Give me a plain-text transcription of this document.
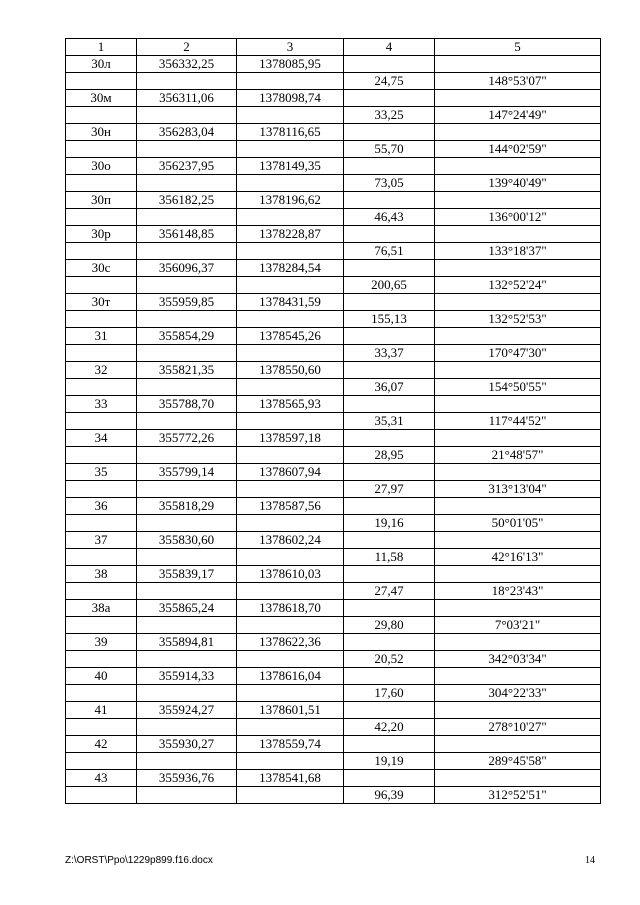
1	2	3	4	5
30л	356332,25	1378085,95		
			24,75	148°53'07"
30м	356311,06	1378098,74		
			33,25	147°24'49"
30н	356283,04	1378116,65		
			55,70	144°02'59"
30о	356237,95	1378149,35		
			73,05	139°40'49"
30п	356182,25	1378196,62		
			46,43	136°00'12"
30р	356148,85	1378228,87		
			76,51	133°18'37"
30с	356096,37	1378284,54		
			200,65	132°52'24"
30т	355959,85	1378431,59		
			155,13	132°52'53"
31	355854,29	1378545,26		
			33,37	170°47'30"
32	355821,35	1378550,60		
			36,07	154°50'55"
33	355788,70	1378565,93		
			35,31	117°44'52"
34	355772,26	1378597,18		
			28,95	21°48'57"
35	355799,14	1378607,94		
			27,97	313°13'04"
36	355818,29	1378587,56		
			19,16	50°01'05"
37	355830,60	1378602,24		
			11,58	42°16'13"
38	355839,17	1378610,03		
			27,47	18°23'43"
38а	355865,24	1378618,70		
			29,80	7°03'21"
39	355894,81	1378622,36		
			20,52	342°03'34"
40	355914,33	1378616,04		
			17,60	304°22'33"
41	355924,27	1378601,51		
			42,20	278°10'27"
42	355930,27	1378559,74		
			19,19	289°45'58"
43	355936,76	1378541,68		
			96,39	312°52'51"
Z:\ORST\Ppo\1229p899.f16.docx	14
